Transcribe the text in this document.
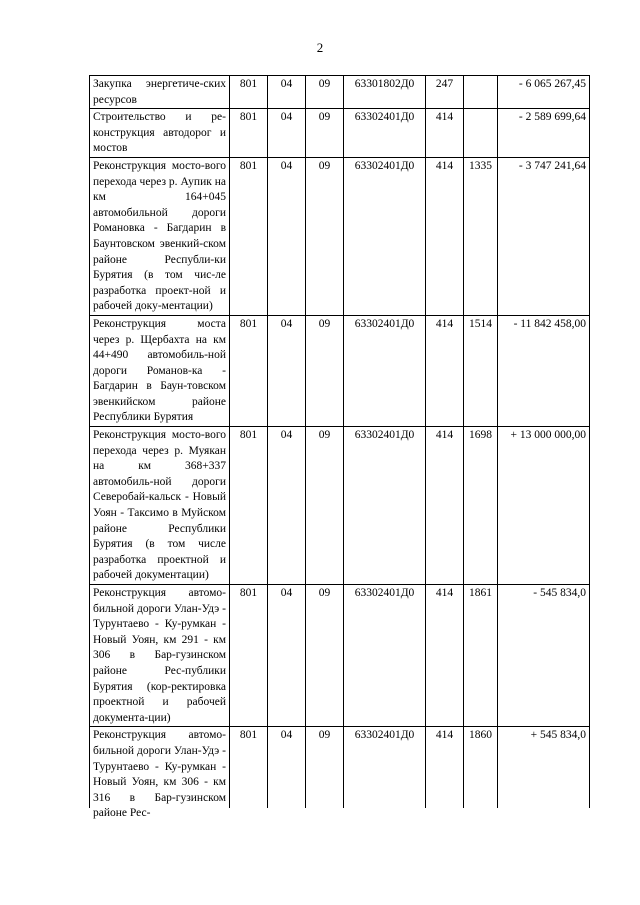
2
Закупка энергетиче-ских ресурсов	801	04	09	63301802Д0	247		- 6 065 267,45
Строительство и ре-конструкция автодорог и мостов	801	04	09	63302401Д0	414		- 2 589 699,64
Реконструкция мосто-вого перехода через р. Аупик на км 164+045 автомобильной дороги Романовка - Багдарин в Баунтовском эвенкий-ском районе Республи-ки Бурятия (в том чис-ле разработка проект-ной и рабочей доку-ментации)	801	04	09	63302401Д0	414	1335	- 3 747 241,64
Реконструкция моста через р. Щербахта на км 44+490 автомобиль-ной дороги Романов-ка - Багдарин в Баун-товском эвенкийском районе Республики Бурятия	801	04	09	63302401Д0	414	1514	- 11 842 458,00
Реконструкция мосто-вого перехода через р. Муякан на км 368+337 автомобиль-ной дороги Северобай-кальск - Новый Уоян - Таксимо в Муйском районе Республики Бурятия (в том числе разработка проектной и рабочей документации)	801	04	09	63302401Д0	414	1698	+ 13 000 000,00
Реконструкция автомо-бильной дороги Улан-Удэ - Турунтаево - Ку-румкан - Новый Уоян, км 291 - км 306 в Бар-гузинском районе Рес-публики Бурятия (кор-ректировка проектной и рабочей документа-ции)	801	04	09	63302401Д0	414	1861	- 545 834,0

Реконструкция автомо-бильной дороги Улан-Удэ - Турунтаево - Ку-румкан - Новый Уоян, км 306 - км 316 в Бар-гузинском районе Рес-	801	04	09	63302401Д0	414	1860	+ 545 834,0
